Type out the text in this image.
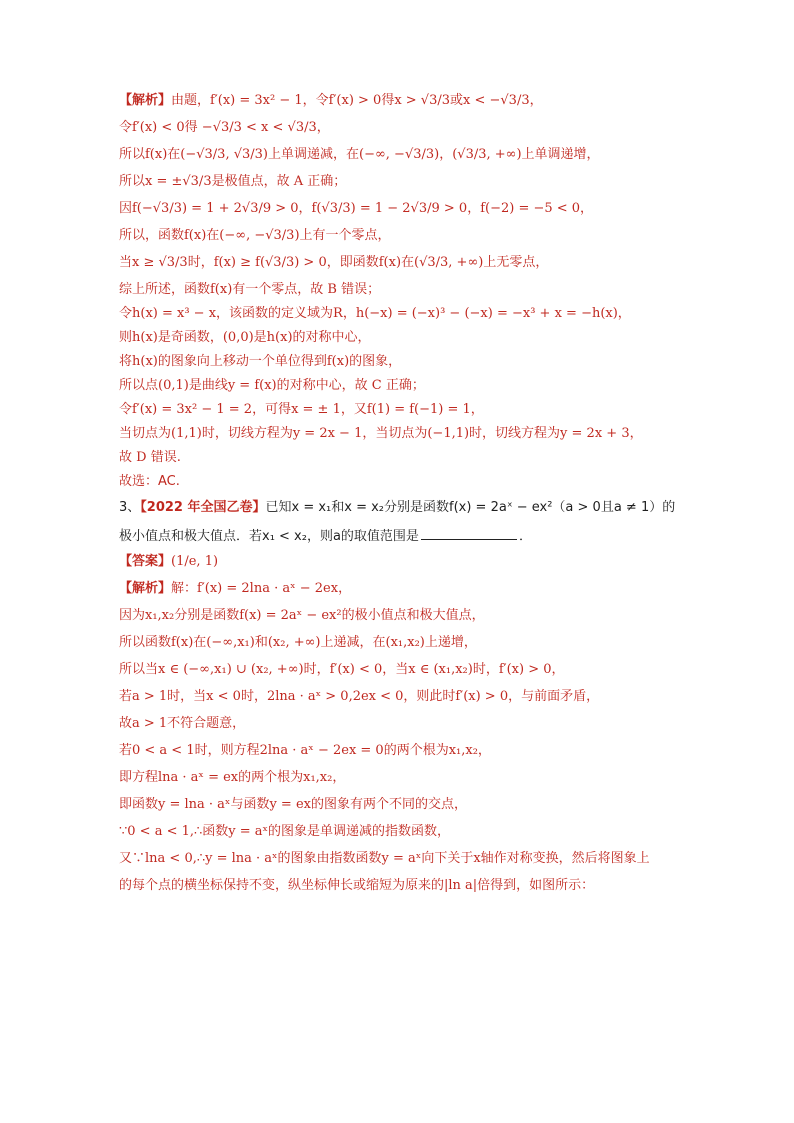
【解析】由题，f′(x) = 3x² − 1，令f′(x) > 0得x > √3/3或x < −√3/3，
令f′(x) < 0得 −√3/3 < x < √3/3，
所以f(x)在(−√3/3, √3/3)上单调递减，在(−∞, −√3/3)，(√3/3, +∞)上单调递增，
所以x = ±√3/3是极值点，故 A 正确；
因f(−√3/3) = 1 + 2√3/9 > 0，f(√3/3) = 1 − 2√3/9 > 0，f(−2) = −5 < 0，
所以，函数f(x)在(−∞, −√3/3)上有一个零点，
当x ≥ √3/3时，f(x) ≥ f(√3/3) > 0，即函数f(x)在(√3/3, +∞)上无零点，
综上所述，函数f(x)有一个零点，故 B 错误；
令h(x) = x³ − x，该函数的定义域为R，h(−x) = (−x)³ − (−x) = −x³ + x = −h(x)，
则h(x)是奇函数，(0,0)是h(x)的对称中心，
将h(x)的图象向上移动一个单位得到f(x)的图象，
所以点(0,1)是曲线y = f(x)的对称中心，故 C 正确；
令f′(x) = 3x² − 1 = 2，可得x = ± 1，又f(1) = f(−1) = 1，
当切点为(1,1)时，切线方程为y = 2x − 1，当切点为(−1,1)时，切线方程为y = 2x + 3，
故 D 错误.
故选：AC.
3、【2022 年全国乙卷】已知x = x₁和x = x₂分别是函数f(x) = 2aˣ − ex²（a > 0且a ≠ 1）的
极小值点和极大值点．若x₁ < x₂，则a的取值范围是	．
【答案】(1/e, 1)
【解析】解：f′(x) = 2lna · aˣ − 2ex，
因为x₁,x₂分别是函数f(x) = 2aˣ − ex²的极小值点和极大值点，
所以函数f(x)在(−∞,x₁)和(x₂, +∞)上递减，在(x₁,x₂)上递增，
所以当x ∈ (−∞,x₁) ∪ (x₂, +∞)时，f′(x) < 0，当x ∈ (x₁,x₂)时，f′(x) > 0，
若a > 1时，当x < 0时，2lna · aˣ > 0,2ex < 0，则此时f′(x) > 0，与前面矛盾，
故a > 1不符合题意，
若0 < a < 1时，则方程2lna · aˣ − 2ex = 0的两个根为x₁,x₂，
即方程lna · aˣ = ex的两个根为x₁,x₂，
即函数y = lna · aˣ与函数y = ex的图象有两个不同的交点，
∵0 < a < 1,∴函数y = aˣ的图象是单调递减的指数函数，
又∵lna < 0,∴y = lna · aˣ的图象由指数函数y = aˣ向下关于x轴作对称变换，然后将图象上
的每个点的横坐标保持不变，纵坐标伸长或缩短为原来的|ln a|倍得到，如图所示：
